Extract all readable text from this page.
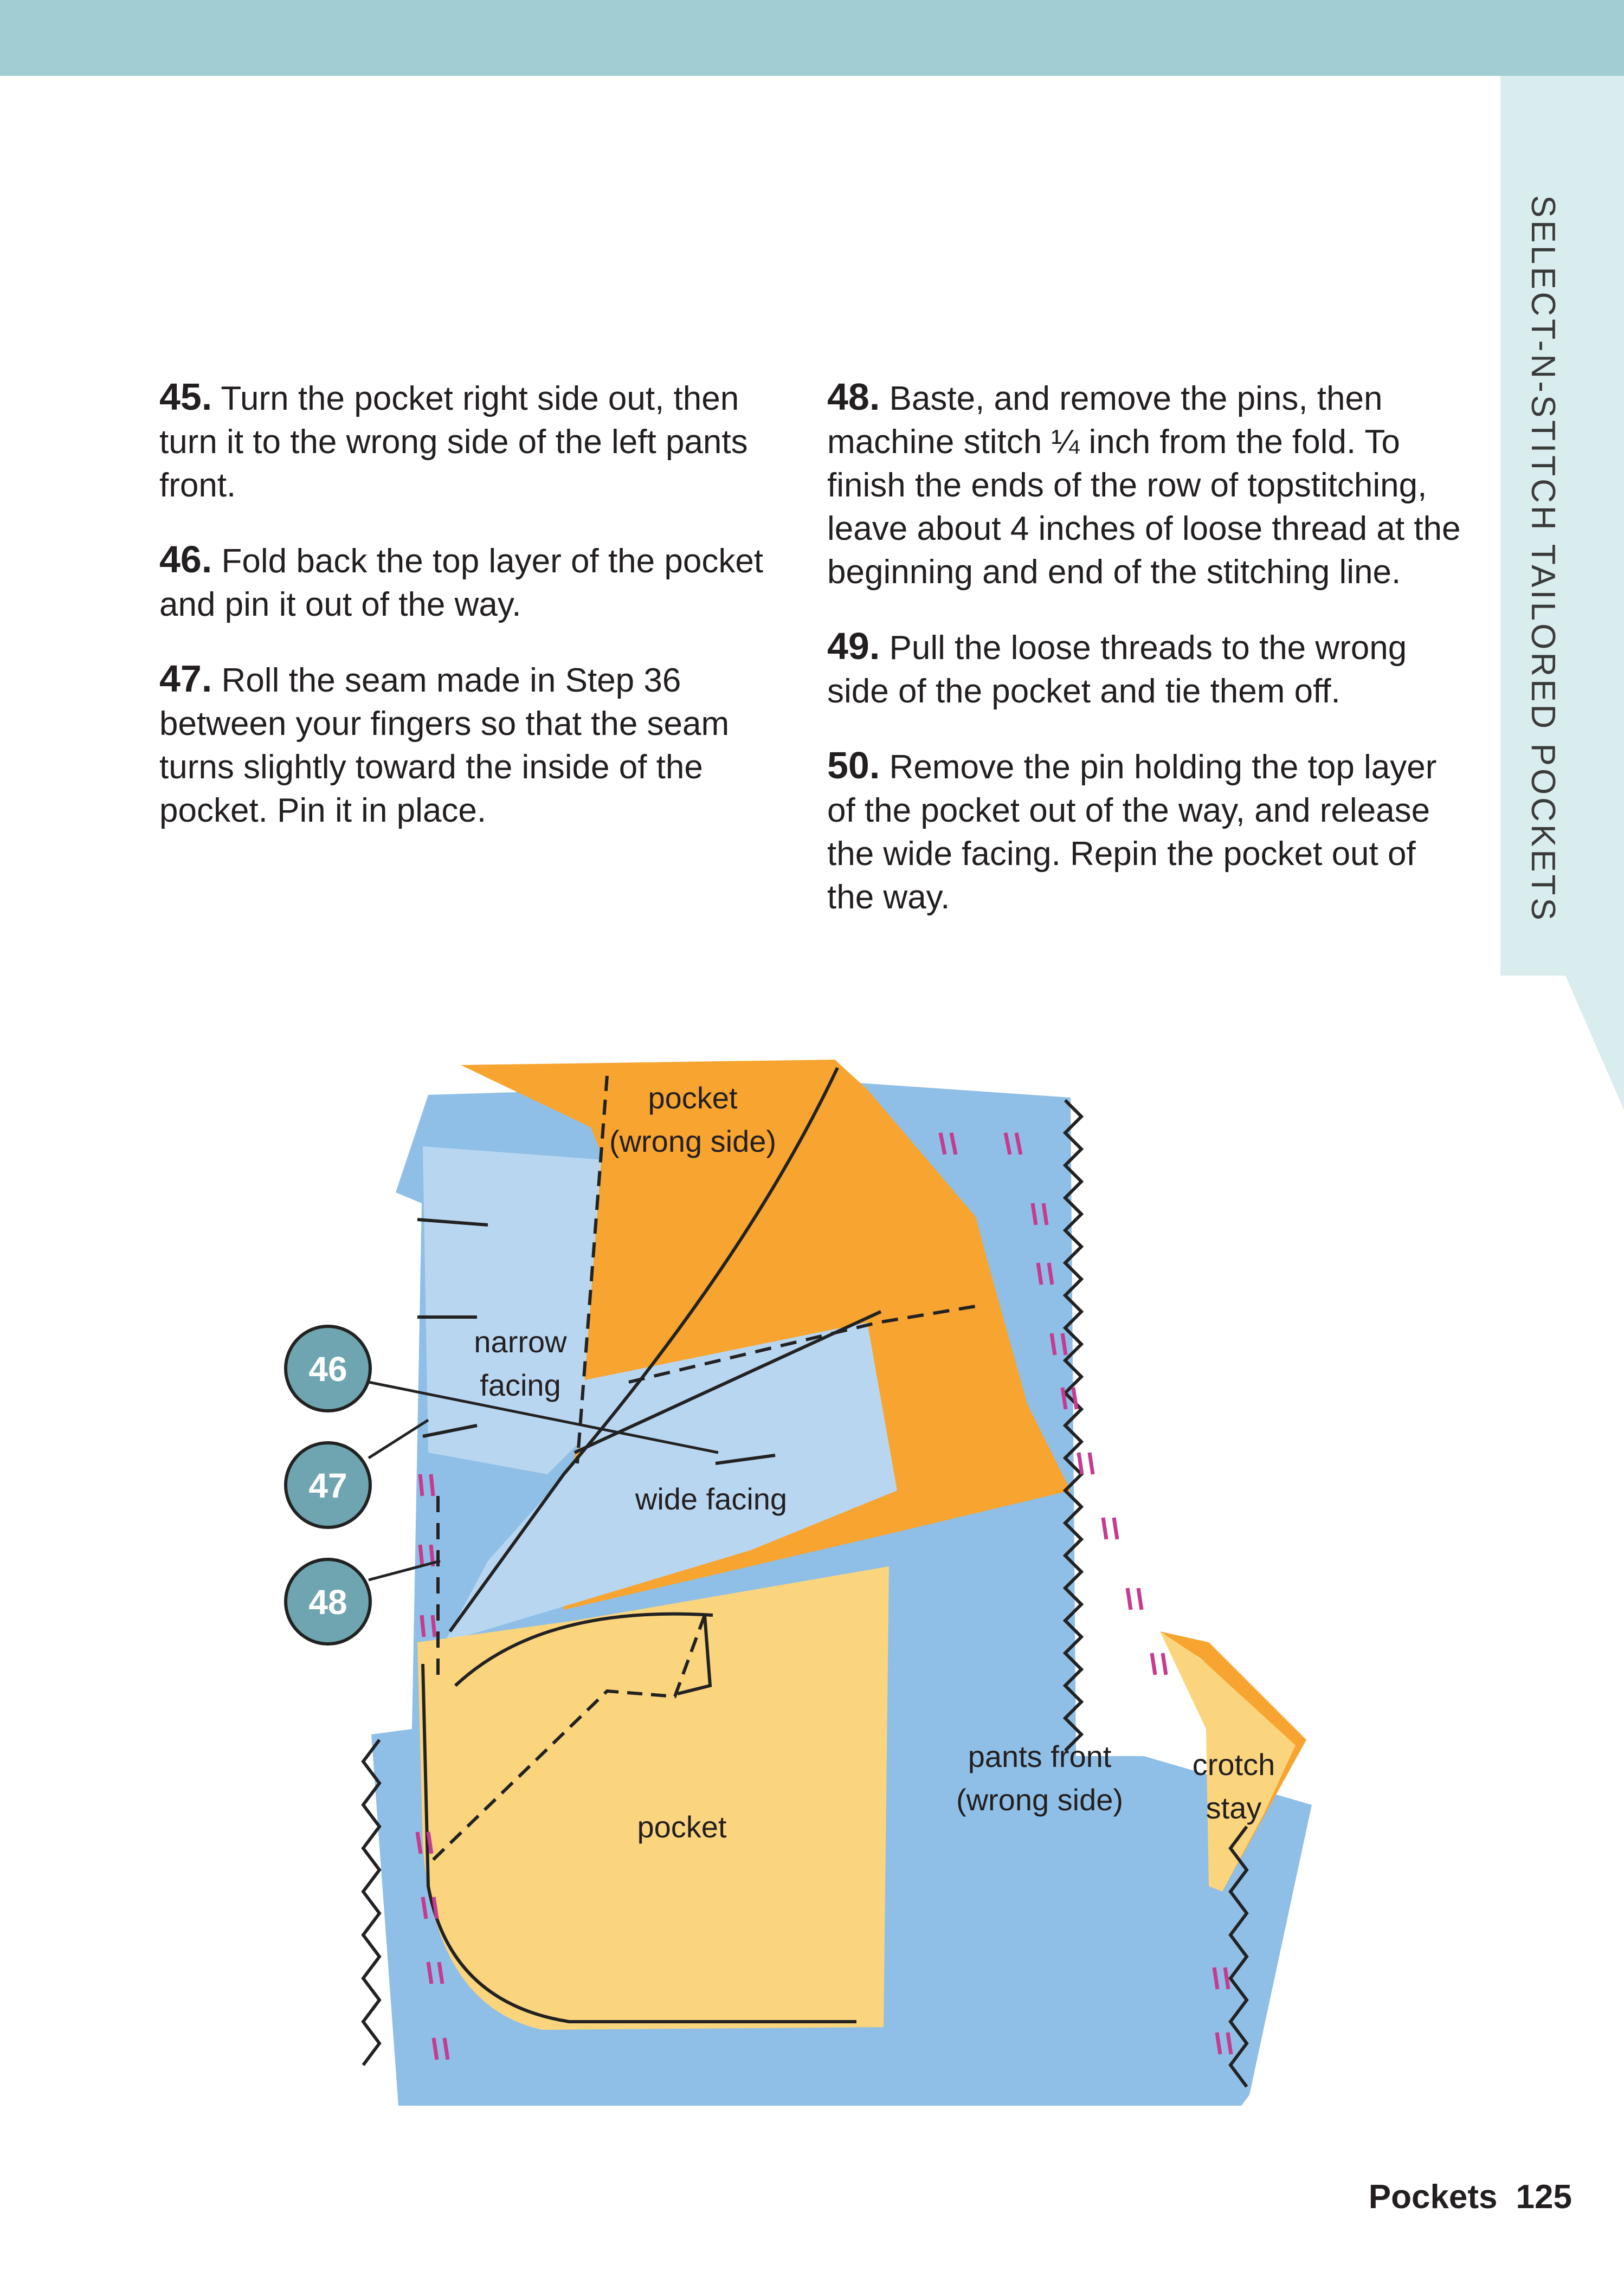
SELECT-N-STITCH TAILORED POCKETS

45. Turn the pocket right side out, then turn it to the wrong side of the left pants front.

46. Fold back the top layer of the pocket and pin it out of the way.

47. Roll the seam made in Step 36 between your fingers so that the seam turns slightly toward the inside of the pocket. Pin it in place.

48. Baste, and remove the pins, then machine stitch ¼ inch from the fold. To finish the ends of the row of topstitching, leave about 4 inches of loose thread at the beginning and end of the stitching line.

49. Pull the loose threads to the wrong side of the pocket and tie them off.

50. Remove the pin holding the top layer of the pocket out of the way, and release the wide facing. Repin the pocket out of the way.

pocket
(wrong side)
narrow
facing
wide facing
pocket
pants front
(wrong side)
crotch
stay
46
47
48
Pockets 125
